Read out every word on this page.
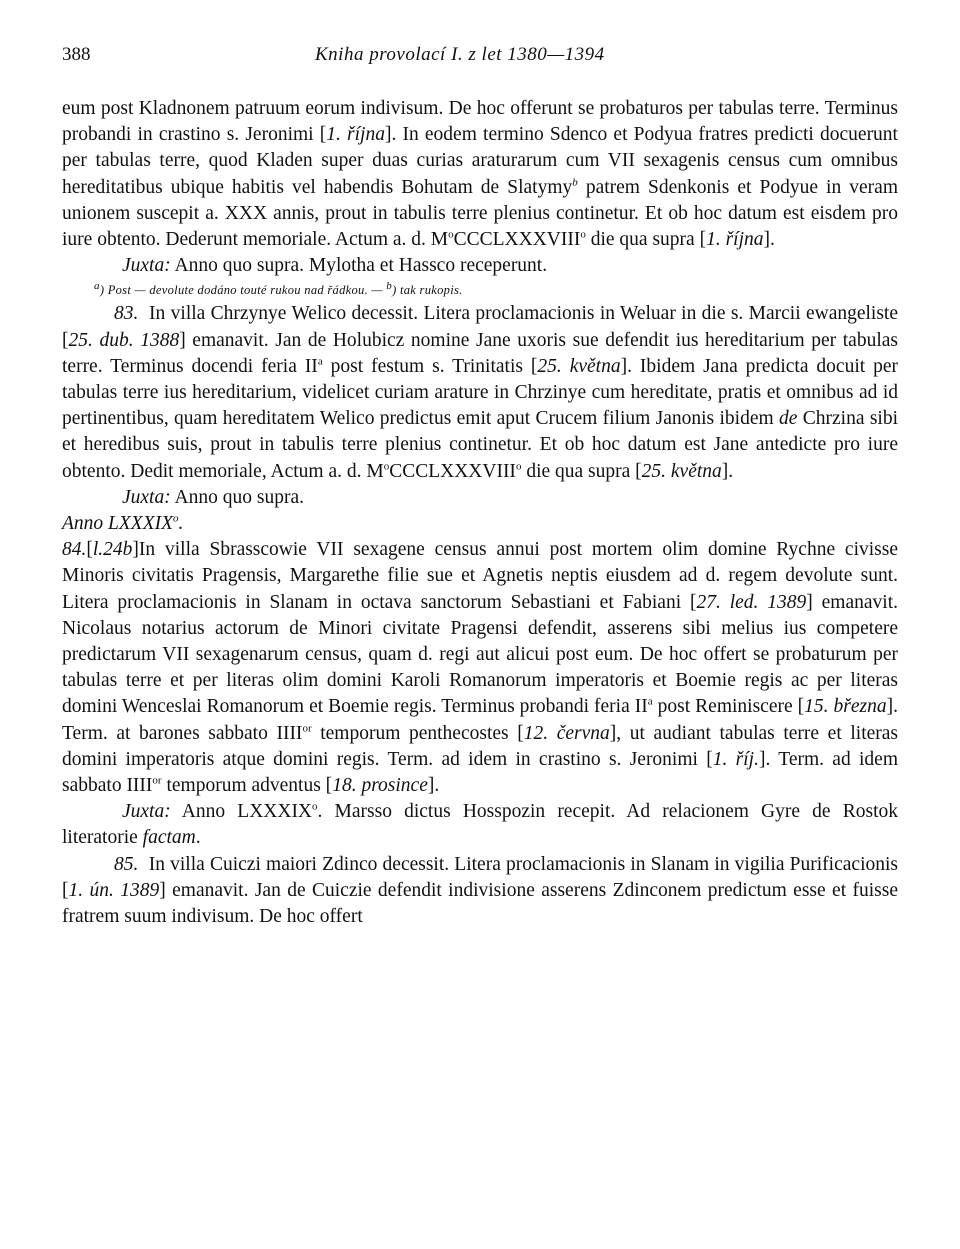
388	Kniha provolací I. z let 1380—1394

eum post Kladnonem patruum eorum indivisum. De hoc offerunt se probaturos per tabulas terre. Terminus probandi in crastino s. Jeronimi [1. října]. In eodem termino Sdenco et Podyua fratres predicti docuerunt per tabulas terre, quod Kladen super duas curias araturarum cum VII sexagenis census cum omnibus hereditatibus ubique habitis vel habendis Bohutam de Slatymy$^b$ patrem Sdenkonis et Podyue in veram unionem suscepit a. XXX annis, prout in tabulis terre plenius continetur. Et ob hoc datum est eisdem pro iure obtento. Dederunt memoriale. Actum a. d. $M^oCCCLXXXVIII^o$ die qua supra [1. října].

Juxta: Anno quo supra. Mylotha et Hassco receperunt.

$^a$) Post — devolute dodáno touté rukou nad řádkou. — $^b$) tak rukopis.

83.  In villa Chrzynye Welico decessit. Litera proclamacionis in Weluar in die s. Marcii ewangeliste [25. dub. 1388] emanavit. Jan de Holubicz nomine Jane uxoris sue defendit ius hereditarium per tabulas terre. Terminus docendi feria $II^a$ post festum s. Trinitatis [25. května]. Ibidem Jana predicta docuit per tabulas terre ius hereditarium, videlicet curiam arature in Chrzinye cum hereditate, pratis et omnibus ad id pertinentibus, quam hereditatem Welico predictus emit aput Crucem filium Janonis ibidem de Chrzina sibi et heredibus suis, prout in tabulis terre plenius continetur. Et ob hoc datum est Jane antedicte pro iure obtento. Dedit memoriale, Actum a. d. $M^oCCCLXXXVIII^o$ die qua supra [25. května].

Juxta: Anno quo supra.

Anno LXXXIX$^o$.

84.[l.24b]In villa Sbrasscowie VII sexagene census annui post mortem olim domine Rychne civisse Minoris civitatis Pragensis, Margarethe filie sue et Agnetis neptis eiusdem ad d. regem devolute sunt. Litera proclamacionis in Slanam in octava sanctorum Sebastiani et Fabiani [27. led. 1389] emanavit. Nicolaus notarius actorum de Minori civitate Pragensi defendit, asserens sibi melius ius competere predictarum VII sexagenarum census, quam d. regi aut alicui post eum. De hoc offert se probaturum per tabulas terre et per literas olim domini Karoli Romanorum imperatoris et Boemie regis ac per literas domini Wenceslai Romanorum et Boemie regis. Terminus probandi feria $II^a$ post Reminiscere [15. března]. Term. at barones sabbato $IIII^{or}$ temporum penthecostes [12. června], ut audiant tabulas terre et literas domini imperatoris atque domini regis. Term. ad idem in crastino s. Jeronimi [1. říj.]. Term. ad idem sabbato $IIII^{or}$ temporum adventus [18. prosince].

Juxta: Anno LXXXIX$^o$. Marsso dictus Hosspozin recepit. Ad relacionem Gyre de Rostok literatorie factam.

85.  In villa Cuiczi maiori Zdinco decessit. Litera proclamacionis in Slanam in vigilia Purificacionis [1. ún. 1389] emanavit. Jan de Cuiczie defendit indivisione asserens Zdinconem predictum esse et fuisse fratrem suum indivisum. De hoc offert
